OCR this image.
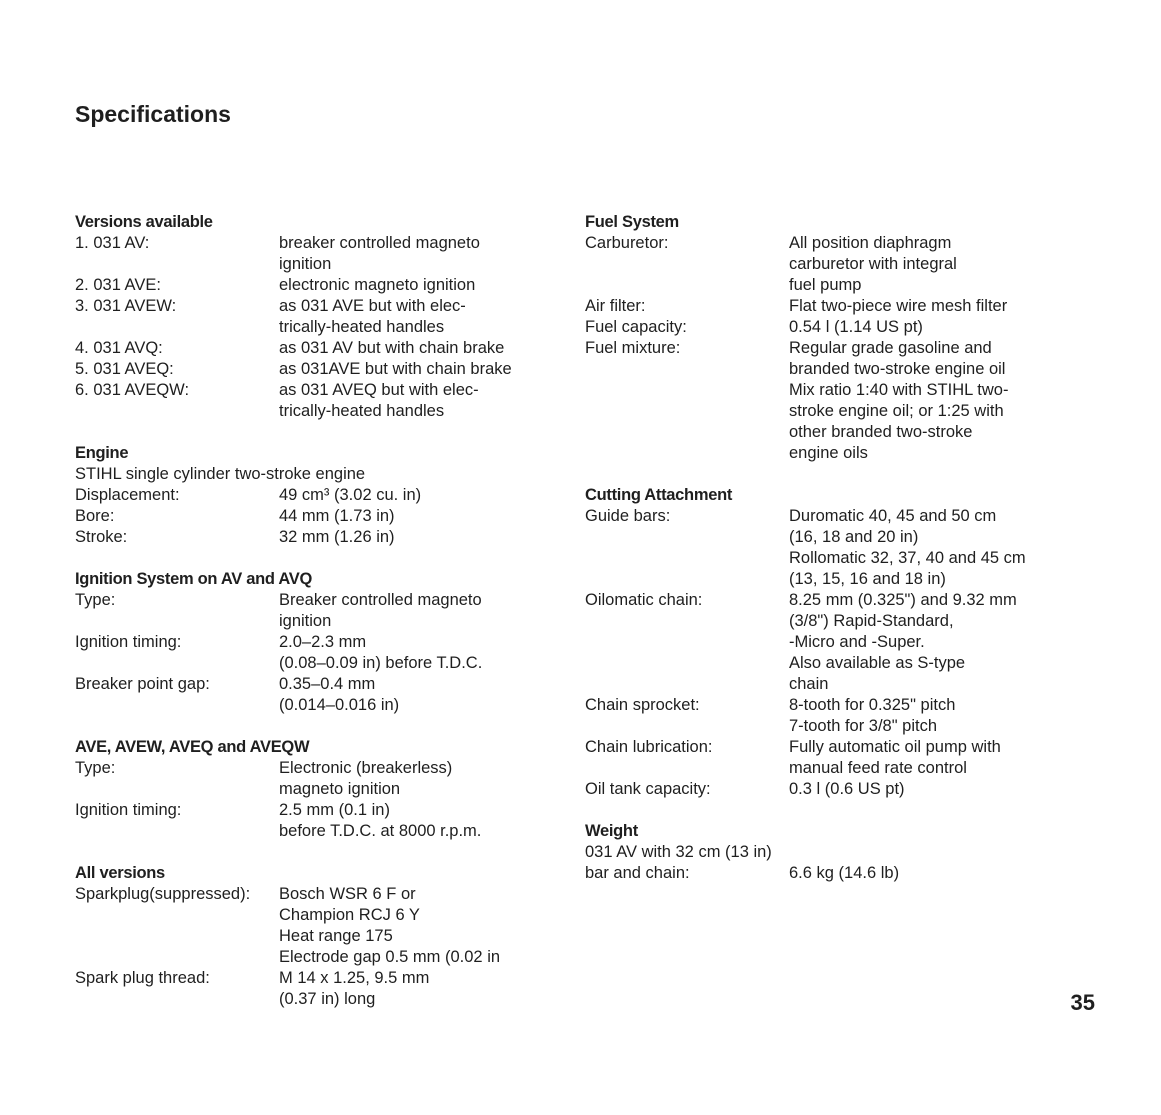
Specifications
Versions available
1. 031 AV:	breaker controlled magneto
ignition
2. 031 AVE:	electronic magneto ignition
3. 031 AVEW:	as 031 AVE but with elec-
trically-heated handles
4. 031 AVQ:	as 031 AV but with chain brake
5. 031 AVEQ:	as 031AVE but with chain brake
6. 031 AVEQW:	as 031 AVEQ but with elec-
trically-heated handles
Engine
STIHL single cylinder two-stroke engine
Displacement:	49 cm³ (3.02 cu. in)
Bore:	44 mm (1.73 in)
Stroke:	32 mm (1.26 in)
Ignition System on AV and AVQ
Type:	Breaker controlled magneto
ignition
Ignition timing:	2.0–2.3 mm
(0.08–0.09 in) before T.D.C.
Breaker point gap:	0.35–0.4 mm
(0.014–0.016 in)
AVE, AVEW, AVEQ and AVEQW
Type:	Electronic (breakerless)
magneto ignition
Ignition timing:	2.5 mm (0.1 in)
before T.D.C. at 8000 r.p.m.
All versions
Sparkplug(suppressed):	Bosch WSR 6 F or
Champion RCJ 6 Y
Heat range 175
Electrode gap 0.5 mm (0.02 in
Spark plug thread:	M 14 x 1.25, 9.5 mm
(0.37 in) long
Fuel System
Carburetor:	All position diaphragm
carburetor with integral
fuel pump
Air filter:	Flat two-piece wire mesh filter
Fuel capacity:	0.54 l (1.14 US pt)
Fuel mixture:	Regular grade gasoline and
branded two-stroke engine oil
Mix ratio 1:40 with STIHL two-
stroke engine oil; or 1:25 with
other branded two-stroke
engine oils
Cutting Attachment
Guide bars:	Duromatic 40, 45 and 50 cm
(16, 18 and 20 in)
Rollomatic 32, 37, 40 and 45 cm
(13, 15, 16 and 18 in)
Oilomatic chain:	8.25 mm (0.325") and 9.32 mm
(3/8") Rapid-Standard,
-Micro and -Super.
Also available as S-type
chain
Chain sprocket:	8-tooth for 0.325" pitch
7-tooth for 3/8" pitch
Chain lubrication:	Fully automatic oil pump with
manual feed rate control
Oil tank capacity:	0.3 l (0.6 US pt)
Weight
031 AV with 32 cm (13 in)
bar and chain:	6.6 kg (14.6 lb)
35
